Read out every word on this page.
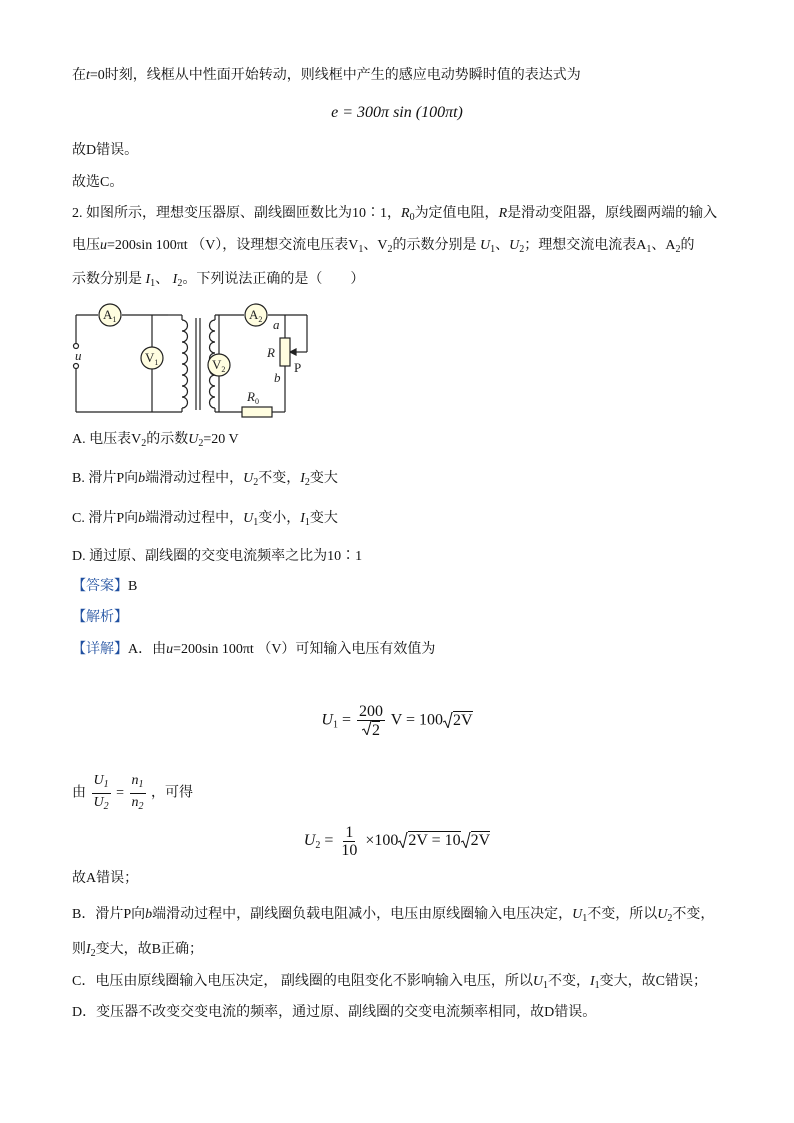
在t=0时刻，线框从中性面开始转动，则线框中产生的感应电动势瞬时值的表达式为
e = 300π sin (100πt)
故D错误。
故选C。
2. 如图所示，理想变压器原、副线圈匝数比为10∶1，$R_0$为定值电阻，R是滑动变阻器，原线圈两端的输入
电压u=200sin 100πt （V），设理想交流电压表$V_1$、$V_2$的示数分别是 $U_1$、$U_2$；理想交流电流表$A_1$、$A_2$的
示数分别是 $I_1$、 $I_2$。下列说法正确的是（　　）
u
$A_1$
$V_1$
$A_2$
$V_2$
a
R
b
P
$R_0$
A. 电压表$V_2$的示数$U_2=20$ V
B. 滑片P向b端滑动过程中，$U_2$不变，$I_2$变大
C. 滑片P向b端滑动过程中，$U_1$变小，$I_1$变大
D. 通过原、副线圈的交变电流频率之比为10∶1
【答案】B
【解析】
【详解】A．由u=200sin 100πt （V）可知输入电压有效值为
$U_1 = \frac{200}{2}$ V = 100 2V
由 $\frac{U_1}{U_2} = \frac{n_1}{n_2}$ ，可得
$U_2 = \frac{1}{10} \times 100$ 2V = 10 2V
故A错误；
B．滑片P向b端滑动过程中，副线圈负载电阻减小，电压由原线圈输入电压决定，$U_1$不变，所以$U_2$不变，
则$I_2$变大，故B正确；
C．电压由原线圈输入电压决定， 副线圈的电阻变化不影响输入电压，所以$U_1$不变，$I_1$变大，故C错误；
D．变压器不改变交变电流的频率，通过原、副线圈的交变电流频率相同，故D错误。
